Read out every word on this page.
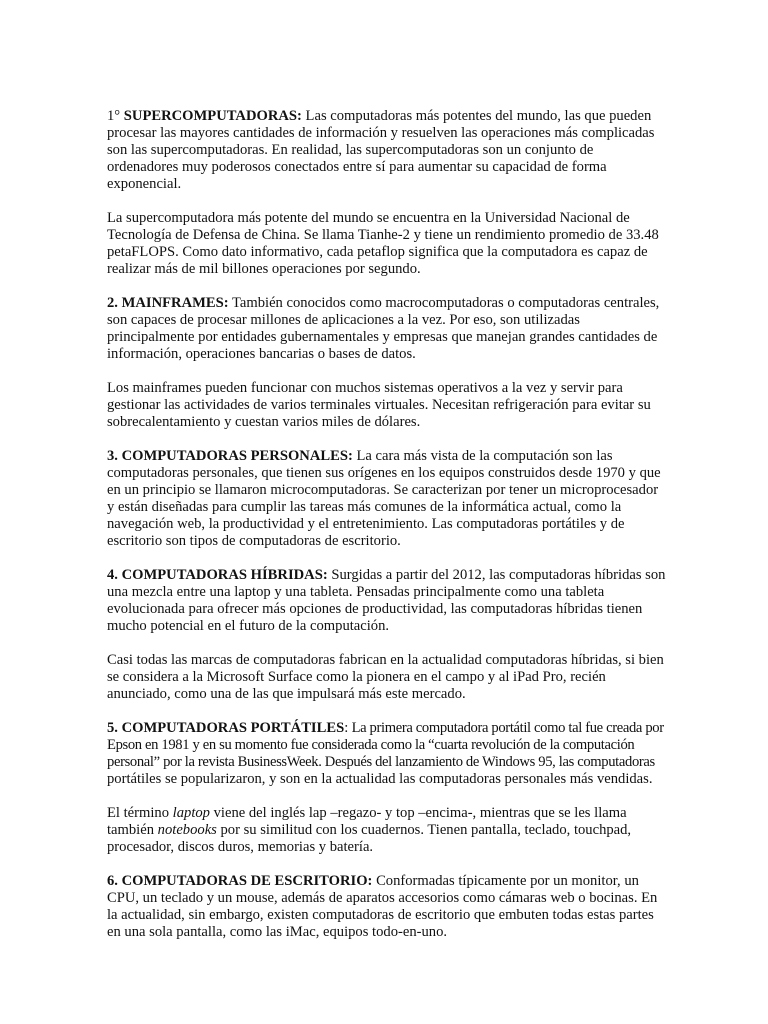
1° SUPERCOMPUTADORAS: Las computadoras más potentes del mundo, las que pueden procesar las mayores cantidades de información y resuelven las operaciones más complicadas son las supercomputadoras. En realidad, las supercomputadoras son un conjunto de ordenadores muy poderosos conectados entre sí para aumentar su capacidad de forma exponencial.

La supercomputadora más potente del mundo se encuentra en la Universidad Nacional de Tecnología de Defensa de China. Se llama Tianhe-2 y tiene un rendimiento promedio de 33.48 petaFLOPS. Como dato informativo, cada petaflop significa que la computadora es capaz de realizar más de mil billones operaciones por segundo.

2. MAINFRAMES: También conocidos como macrocomputadoras o computadoras centrales, son capaces de procesar millones de aplicaciones a la vez. Por eso, son utilizadas principalmente por entidades gubernamentales y empresas que manejan grandes cantidades de información, operaciones bancarias o bases de datos.

Los mainframes pueden funcionar con muchos sistemas operativos a la vez y servir para gestionar las actividades de varios terminales virtuales. Necesitan refrigeración para evitar su sobrecalentamiento y cuestan varios miles de dólares.

3. COMPUTADORAS PERSONALES: La cara más vista de la computación son las computadoras personales, que tienen sus orígenes en los equipos construidos desde 1970 y que en un principio se llamaron microcomputadoras. Se caracterizan por tener un microprocesador y están diseñadas para cumplir las tareas más comunes de la informática actual, como la navegación web, la productividad y el entretenimiento. Las computadoras portátiles y de escritorio son tipos de computadoras de escritorio.

4. COMPUTADORAS HÍBRIDAS: Surgidas a partir del 2012, las computadoras híbridas son una mezcla entre una laptop y una tableta. Pensadas principalmente como una tableta evolucionada para ofrecer más opciones de productividad, las computadoras híbridas tienen mucho potencial en el futuro de la computación.

Casi todas las marcas de computadoras fabrican en la actualidad computadoras híbridas, si bien se considera a la Microsoft Surface como la pionera en el campo y al iPad Pro, recién anunciado, como una de las que impulsará más este mercado.

5. COMPUTADORAS PORTÁTILES: La primera computadora portátil como tal fue creada por Epson en 1981 y en su momento fue considerada como la “cuarta revolución de la computación personal” por la revista BusinessWeek. Después del lanzamiento de Windows 95, las computadoras portátiles se popularizaron, y son en la actualidad las computadoras personales más vendidas.

El término laptop viene del inglés lap –regazo- y top –encima-, mientras que se les llama también notebooks por su similitud con los cuadernos. Tienen pantalla, teclado, touchpad, procesador, discos duros, memorias y batería.

6. COMPUTADORAS DE ESCRITORIO: Conformadas típicamente por un monitor, un CPU, un teclado y un mouse, además de aparatos accesorios como cámaras web o bocinas. En la actualidad, sin embargo, existen computadoras de escritorio que embuten todas estas partes en una sola pantalla, como las iMac, equipos todo-en-uno.
